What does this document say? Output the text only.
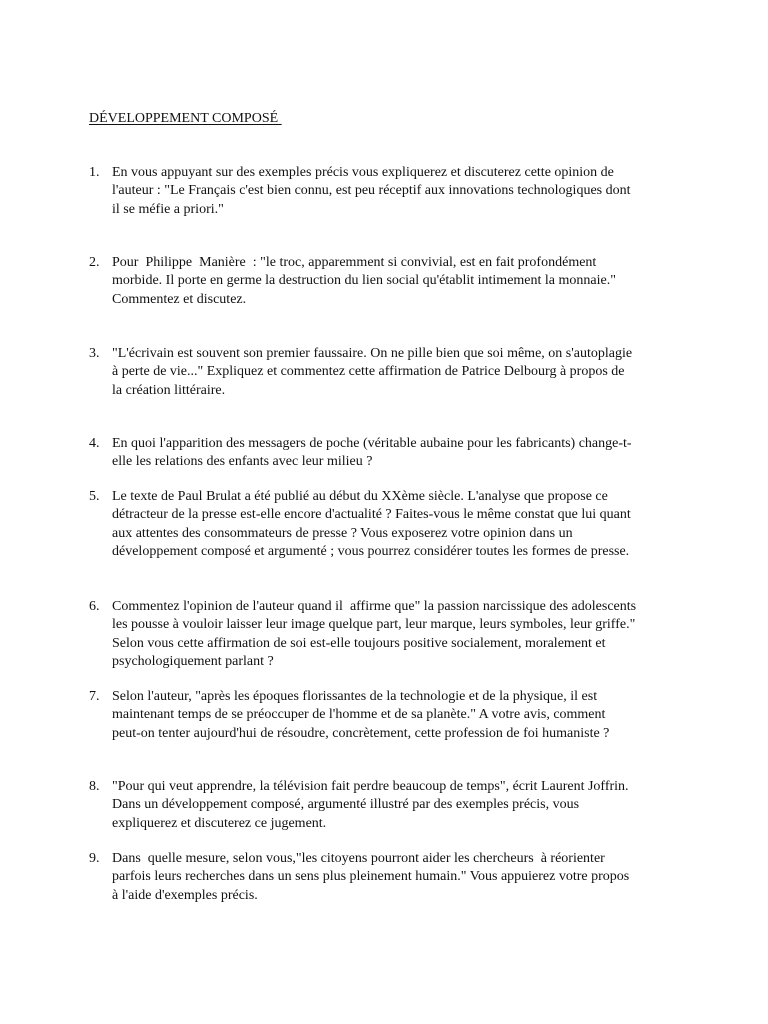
DÉVELOPPEMENT COMPOSÉ
1. En vous appuyant sur des exemples précis vous expliquerez et discuterez cette opinion de
l'auteur : "Le Français c'est bien connu, est peu réceptif aux innovations technologiques dont
il se méfie a priori."
2. Pour  Philippe  Manière  : "le troc, apparemment si convivial, est en fait profondément
morbide. Il porte en germe la destruction du lien social qu'établit intimement la monnaie."
Commentez et discutez.
3. "L'écrivain est souvent son premier faussaire. On ne pille bien que soi même, on s'autoplagie
à perte de vie..." Expliquez et commentez cette affirmation de Patrice Delbourg à propos de
la création littéraire.
4. En quoi l'apparition des messagers de poche (véritable aubaine pour les fabricants) change-t-
elle les relations des enfants avec leur milieu ?
5. Le texte de Paul Brulat a été publié au début du XXème siècle. L'analyse que propose ce
détracteur de la presse est-elle encore d'actualité ? Faites-vous le même constat que lui quant
aux attentes des consommateurs de presse ? Vous exposerez votre opinion dans un
développement composé et argumenté ; vous pourrez considérer toutes les formes de presse.
6. Commentez l'opinion de l'auteur quand il  affirme que" la passion narcissique des adolescents
les pousse à vouloir laisser leur image quelque part, leur marque, leurs symboles, leur griffe."
Selon vous cette affirmation de soi est-elle toujours positive socialement, moralement et
psychologiquement parlant ?
7. Selon l'auteur, "après les époques florissantes de la technologie et de la physique, il est
maintenant temps de se préoccuper de l'homme et de sa planète." A votre avis, comment
peut-on tenter aujourd'hui de résoudre, concrètement, cette profession de foi humaniste ?
8. "Pour qui veut apprendre, la télévision fait perdre beaucoup de temps", écrit Laurent Joffrin.
Dans un développement composé, argumenté illustré par des exemples précis, vous
expliquerez et discuterez ce jugement.
9. Dans  quelle mesure, selon vous,"les citoyens pourront aider les chercheurs  à réorienter
parfois leurs recherches dans un sens plus pleinement humain." Vous appuierez votre propos
à l'aide d'exemples précis.
